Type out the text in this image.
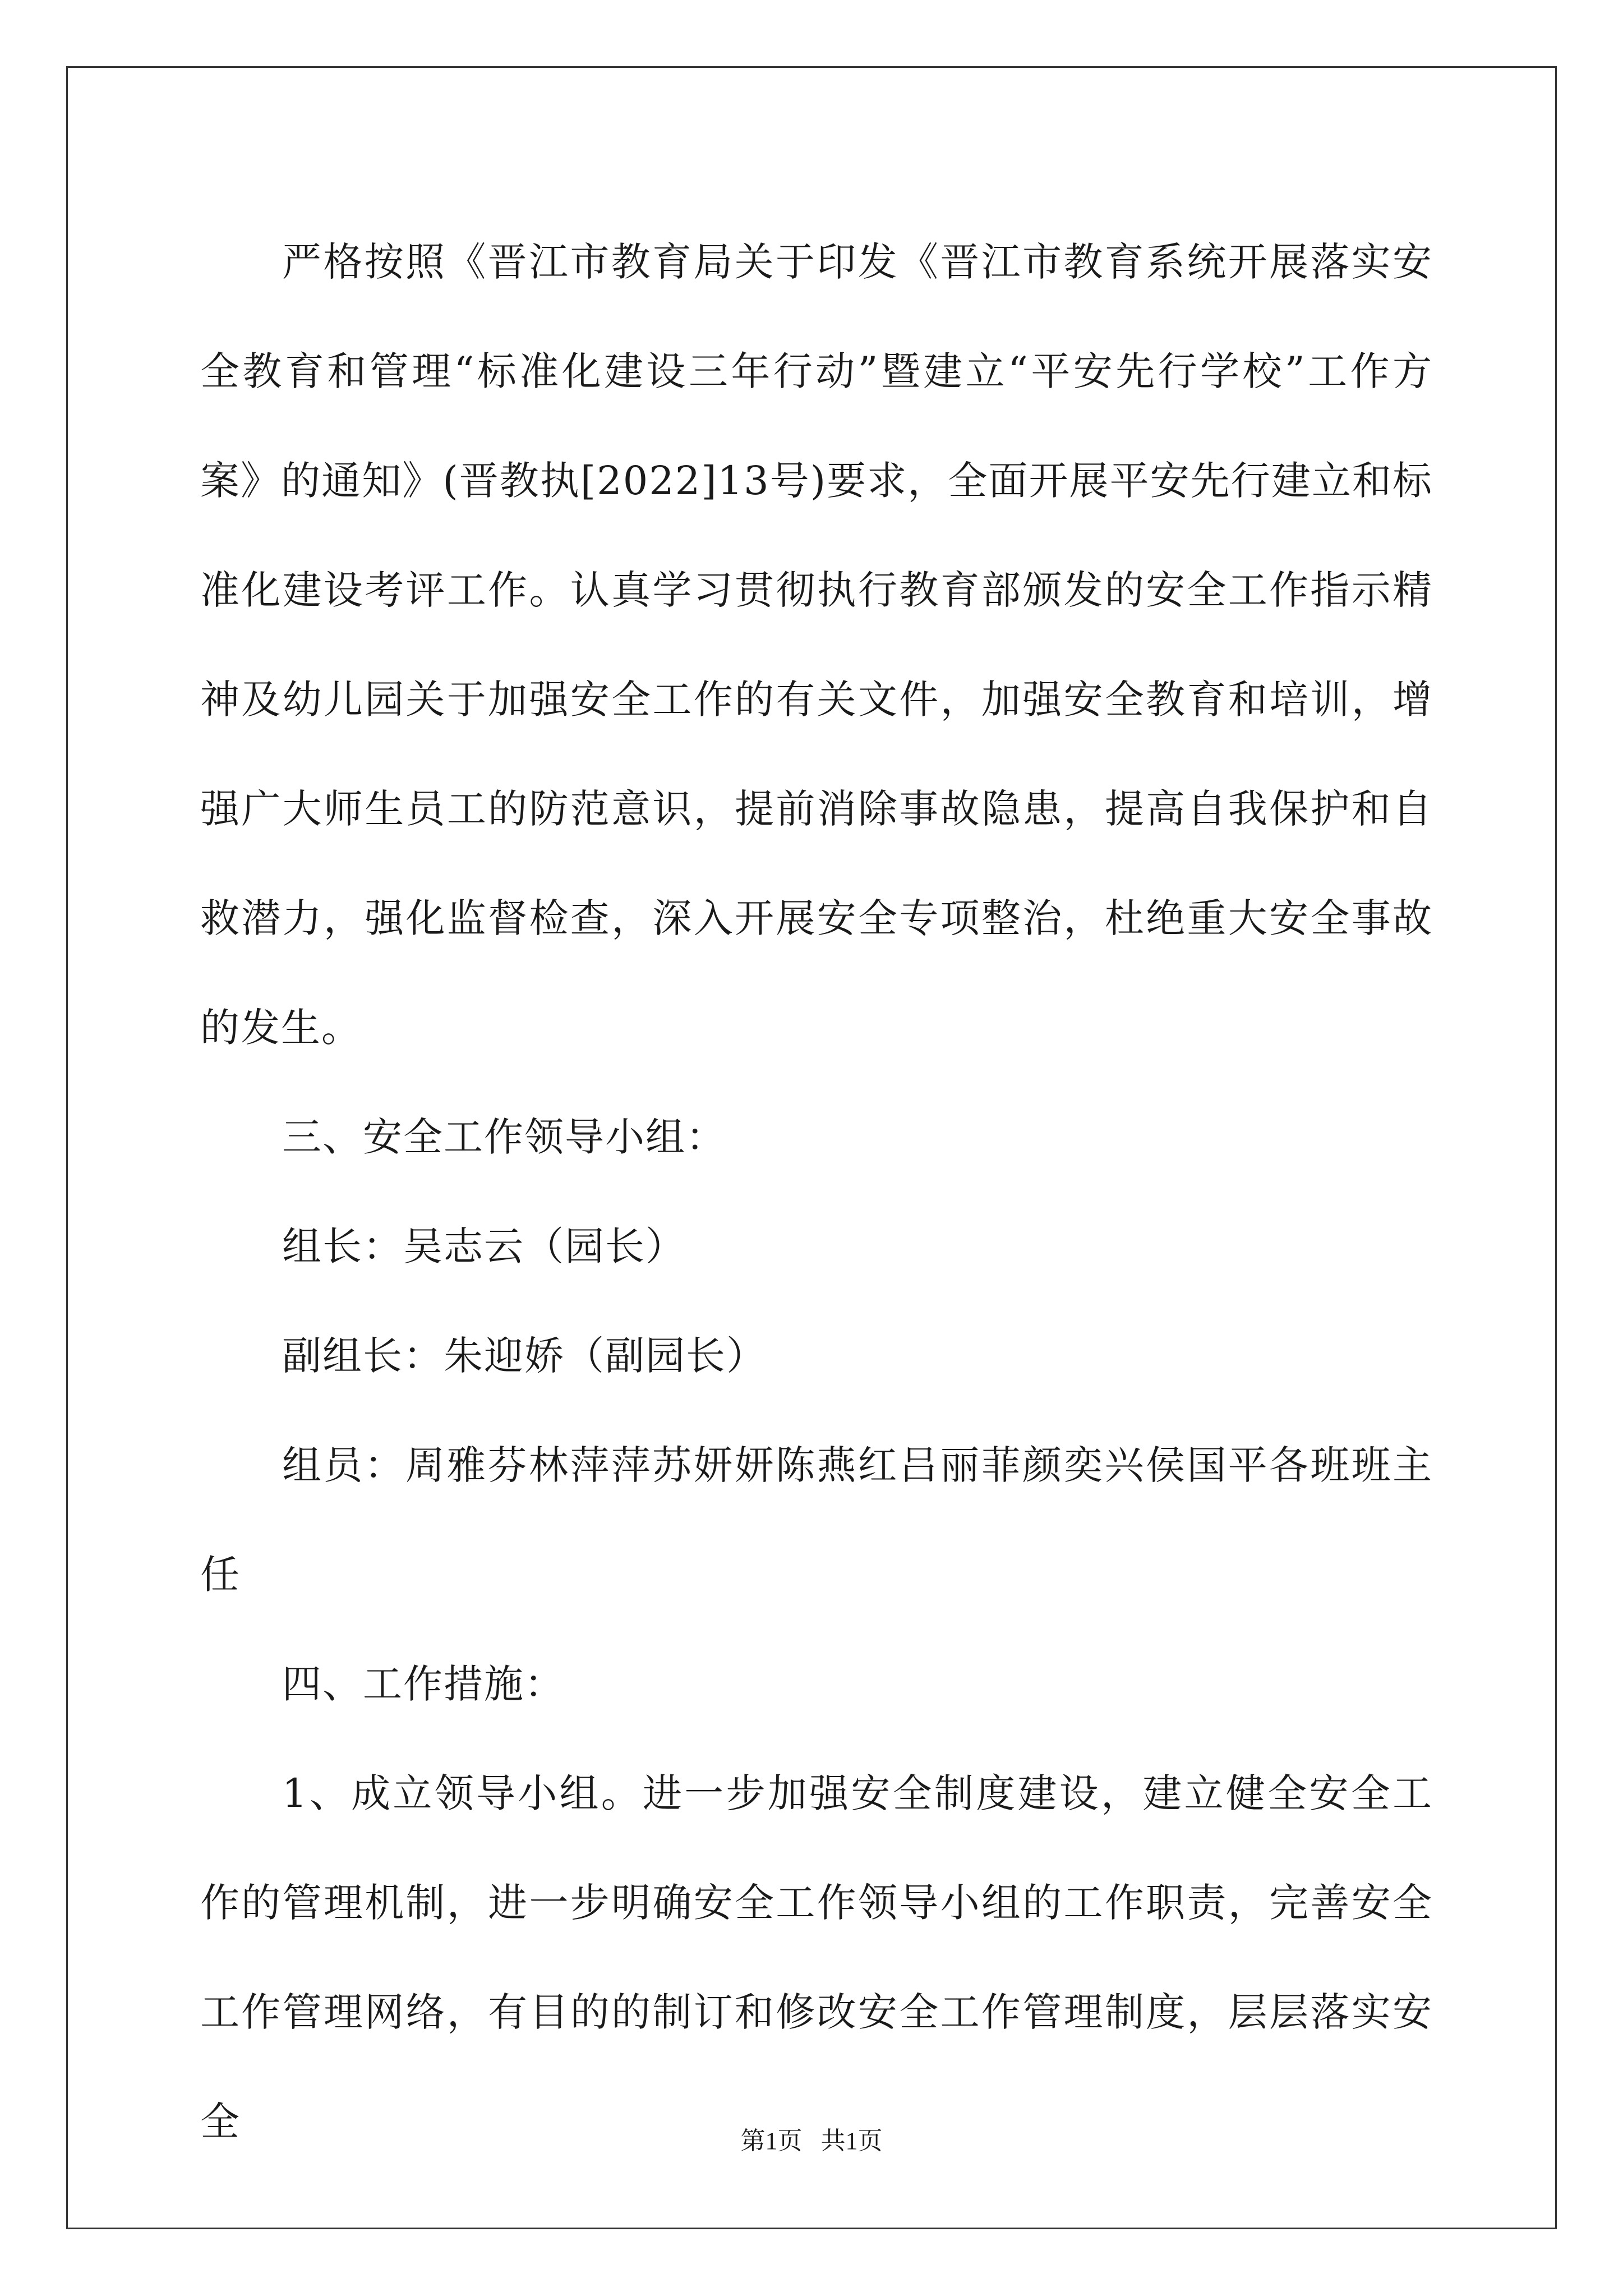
严格按照《晋江市教育局关于印发《晋江市教育系统开展落实安全教育和管理“标准化建设三年行动”暨建立“平安先行学校”工作方案》的通知》(晋教执[2022]13号)要求，全面开展平安先行建立和标准化建设考评工作。认真学习贯彻执行教育部颁发的安全工作指示精神及幼儿园关于加强安全工作的有关文件，加强安全教育和培训，增强广大师生员工的防范意识，提前消除事故隐患，提高自我保护和自救潜力，强化监督检查，深入开展安全专项整治，杜绝重大安全事故的发生。

三、安全工作领导小组：

组长：吴志云（园长）

副组长：朱迎娇（副园长）

组员：周雅芬林萍萍苏妍妍陈燕红吕丽菲颜奕兴侯国平各班班主任

四、工作措施：

1、成立领导小组。进一步加强安全制度建设，建立健全安全工作的管理机制，进一步明确安全工作领导小组的工作职责，完善安全工作管理网络，有目的的制订和修改安全工作管理制度，层层落实安全	第1页 共1页
